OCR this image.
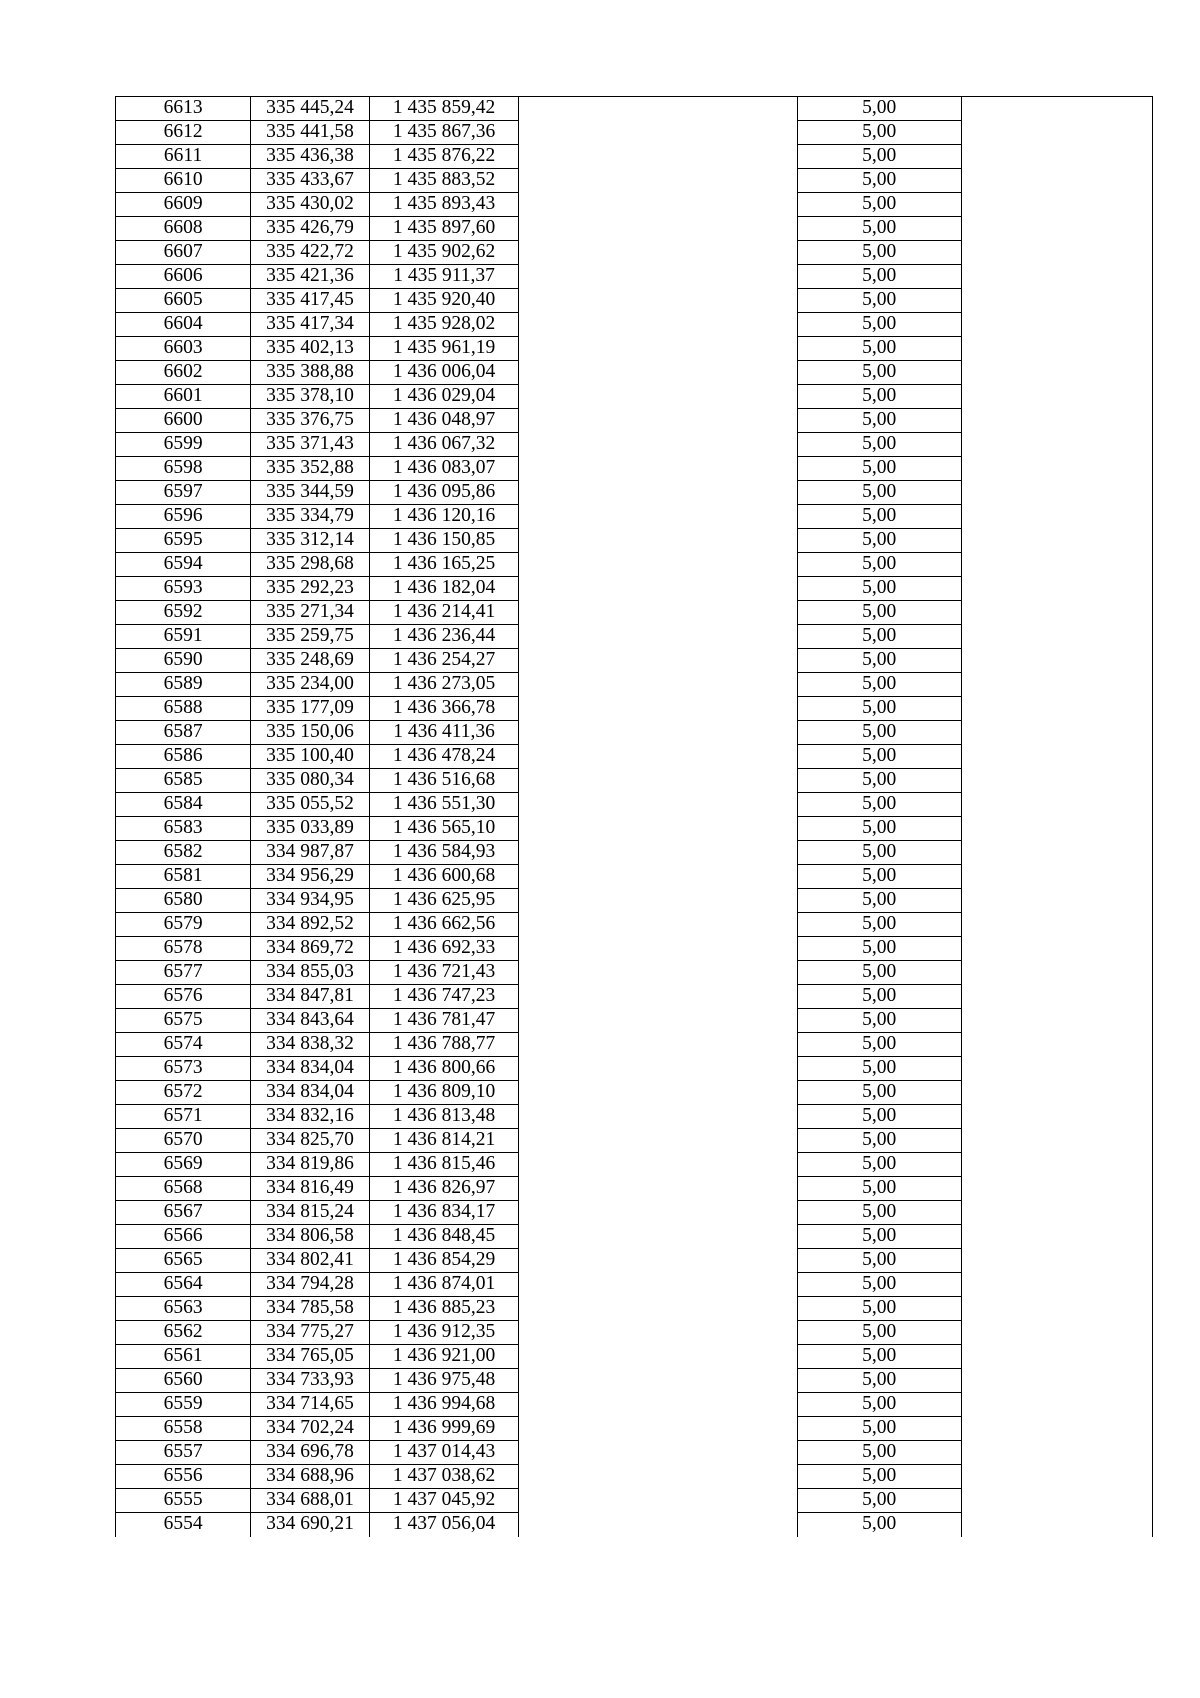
6613	335 445,24	1 435 859,42		5,00	
6612	335 441,58	1 435 867,36		5,00	
6611	335 436,38	1 435 876,22		5,00	
6610	335 433,67	1 435 883,52		5,00	
6609	335 430,02	1 435 893,43		5,00	
6608	335 426,79	1 435 897,60		5,00	
6607	335 422,72	1 435 902,62		5,00	
6606	335 421,36	1 435 911,37		5,00	
6605	335 417,45	1 435 920,40		5,00	
6604	335 417,34	1 435 928,02		5,00	
6603	335 402,13	1 435 961,19		5,00	
6602	335 388,88	1 436 006,04		5,00	
6601	335 378,10	1 436 029,04		5,00	
6600	335 376,75	1 436 048,97		5,00	
6599	335 371,43	1 436 067,32		5,00	
6598	335 352,88	1 436 083,07		5,00	
6597	335 344,59	1 436 095,86		5,00	
6596	335 334,79	1 436 120,16		5,00	
6595	335 312,14	1 436 150,85		5,00	
6594	335 298,68	1 436 165,25		5,00	
6593	335 292,23	1 436 182,04		5,00	
6592	335 271,34	1 436 214,41		5,00	
6591	335 259,75	1 436 236,44		5,00	
6590	335 248,69	1 436 254,27		5,00	
6589	335 234,00	1 436 273,05		5,00	
6588	335 177,09	1 436 366,78		5,00	
6587	335 150,06	1 436 411,36		5,00	
6586	335 100,40	1 436 478,24		5,00	
6585	335 080,34	1 436 516,68		5,00	
6584	335 055,52	1 436 551,30		5,00	
6583	335 033,89	1 436 565,10		5,00	
6582	334 987,87	1 436 584,93		5,00	
6581	334 956,29	1 436 600,68		5,00	
6580	334 934,95	1 436 625,95		5,00	
6579	334 892,52	1 436 662,56		5,00	
6578	334 869,72	1 436 692,33		5,00	
6577	334 855,03	1 436 721,43		5,00	
6576	334 847,81	1 436 747,23		5,00	
6575	334 843,64	1 436 781,47		5,00	
6574	334 838,32	1 436 788,77		5,00	
6573	334 834,04	1 436 800,66		5,00	
6572	334 834,04	1 436 809,10		5,00	
6571	334 832,16	1 436 813,48		5,00	
6570	334 825,70	1 436 814,21		5,00	
6569	334 819,86	1 436 815,46		5,00	
6568	334 816,49	1 436 826,97		5,00	
6567	334 815,24	1 436 834,17		5,00	
6566	334 806,58	1 436 848,45		5,00	
6565	334 802,41	1 436 854,29		5,00	
6564	334 794,28	1 436 874,01		5,00	
6563	334 785,58	1 436 885,23		5,00	
6562	334 775,27	1 436 912,35		5,00	
6561	334 765,05	1 436 921,00		5,00	
6560	334 733,93	1 436 975,48		5,00	
6559	334 714,65	1 436 994,68		5,00	
6558	334 702,24	1 436 999,69		5,00	
6557	334 696,78	1 437 014,43		5,00	
6556	334 688,96	1 437 038,62		5,00	
6555	334 688,01	1 437 045,92		5,00	
6554	334 690,21	1 437 056,04		5,00	
